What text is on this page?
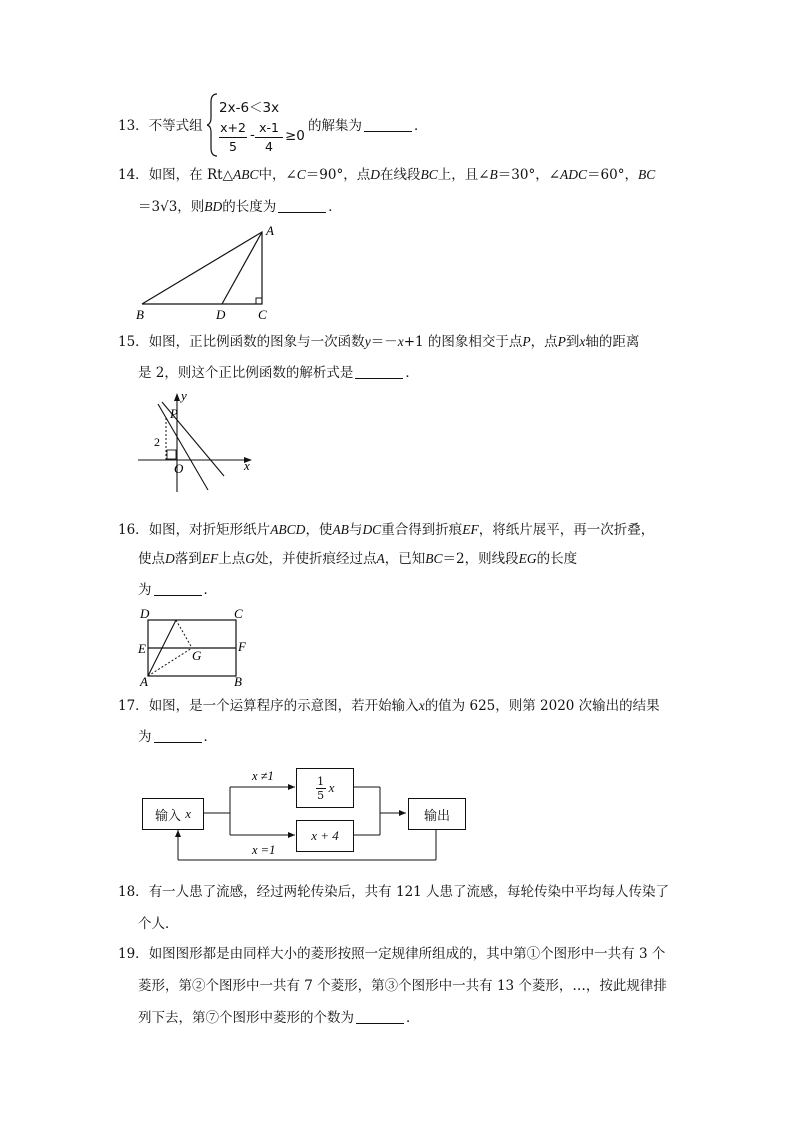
13．不等式组
2x-6＜3x
x+2
5
- x-1
4
≥0
的解集为	．
14．如图，在 Rt△ABC中，∠C＝90°，点D在线段BC上，且∠B＝30°，∠ADC＝60°，BC
＝3√3，则BD的长度为	．
A
B	D	C
15．如图，正比例函数的图象与一次函数y＝－x+1 的图象相交于点P，点P到x轴的距离
是 2，则这个正比例函数的解析式是	．
y
x
P
O
2
16．如图，对折矩形纸片ABCD，使AB与DC重合得到折痕EF，将纸片展平，再一次折叠，
使点D落到EF上点G处，并使折痕经过点A，已知BC＝2，则线段EG的长度
为	．
D	C
E	F
G
A	B
17．如图，是一个运算程序的示意图，若开始输入x的值为 625，则第 2020 次输出的结果
为	．
x ≠1
x =1
输入
x
1
5 x
x + 4
输出
18．有一人患了流感，经过两轮传染后，共有 121 人患了流感，每轮传染中平均每人传染了
个人．
19．如图图形都是由同样大小的菱形按照一定规律所组成的，其中第①个图形中一共有 3 个
菱形，第②个图形中一共有 7 个菱形，第③个图形中一共有 13 个菱形，…，按此规律排
列下去，第⑦个图形中菱形的个数为	．
